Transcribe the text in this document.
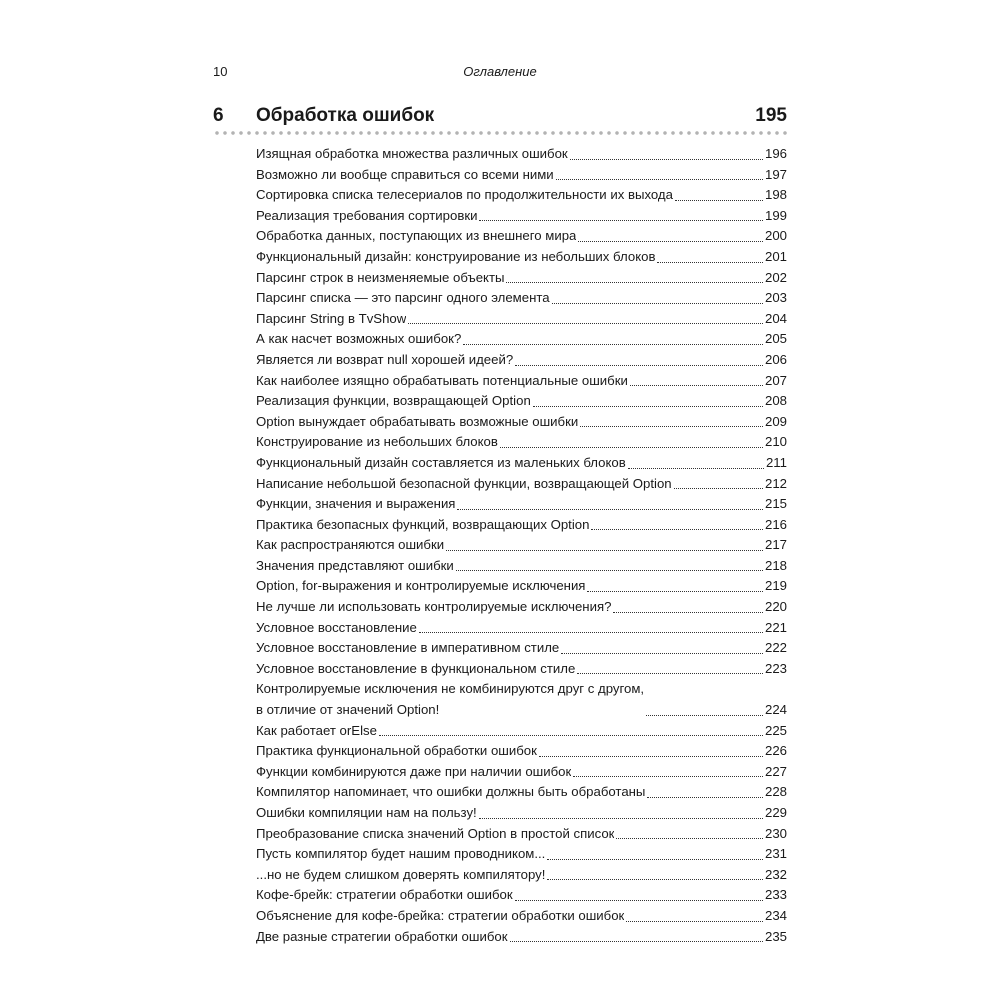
10	Оглавление
6 Обработка ошибок	195
Изящная обработка множества различных ошибок	196
Возможно ли вообще справиться со всеми ними	197
Сортировка списка телесериалов по продолжительности их выхода	198
Реализация требования сортировки	199
Обработка данных, поступающих из внешнего мира	200
Функциональный дизайн: конструирование из небольших блоков	201
Парсинг строк в неизменяемые объекты	202
Парсинг списка — это парсинг одного элемента	203
Парсинг String в TvShow	204
А как насчет возможных ошибок?	205
Является ли возврат null хорошей идеей?	206
Как наиболее изящно обрабатывать потенциальные ошибки	207
Реализация функции, возвращающей Option	208
Option вынуждает обрабатывать возможные ошибки	209
Конструирование из небольших блоков	210
Функциональный дизайн составляется из маленьких блоков	211
Написание небольшой безопасной функции, возвращающей Option	212
Функции, значения и выражения	215
Практика безопасных функций, возвращающих Option	216
Как распространяются ошибки	217
Значения представляют ошибки	218
Option, for-выражения и контролируемые исключения	219
Не лучше ли использовать контролируемые исключения?	220
Условное восстановление	221
Условное восстановление в императивном стиле	222
Условное восстановление в функциональном стиле	223
Контролируемые исключения не комбинируются друг с другом,
в отличие от значений Option!	224
Как работает orElse	225
Практика функциональной обработки ошибок	226
Функции комбинируются даже при наличии ошибок	227
Компилятор напоминает, что ошибки должны быть обработаны	228
Ошибки компиляции нам на пользу!	229
Преобразование списка значений Option в простой список	230
Пусть компилятор будет нашим проводником...	231
...но не будем слишком доверять компилятору!	232
Кофе-брейк: стратегии обработки ошибок	233
Объяснение для кофе-брейка: стратегии обработки ошибок	234
Две разные стратегии обработки ошибок	235
